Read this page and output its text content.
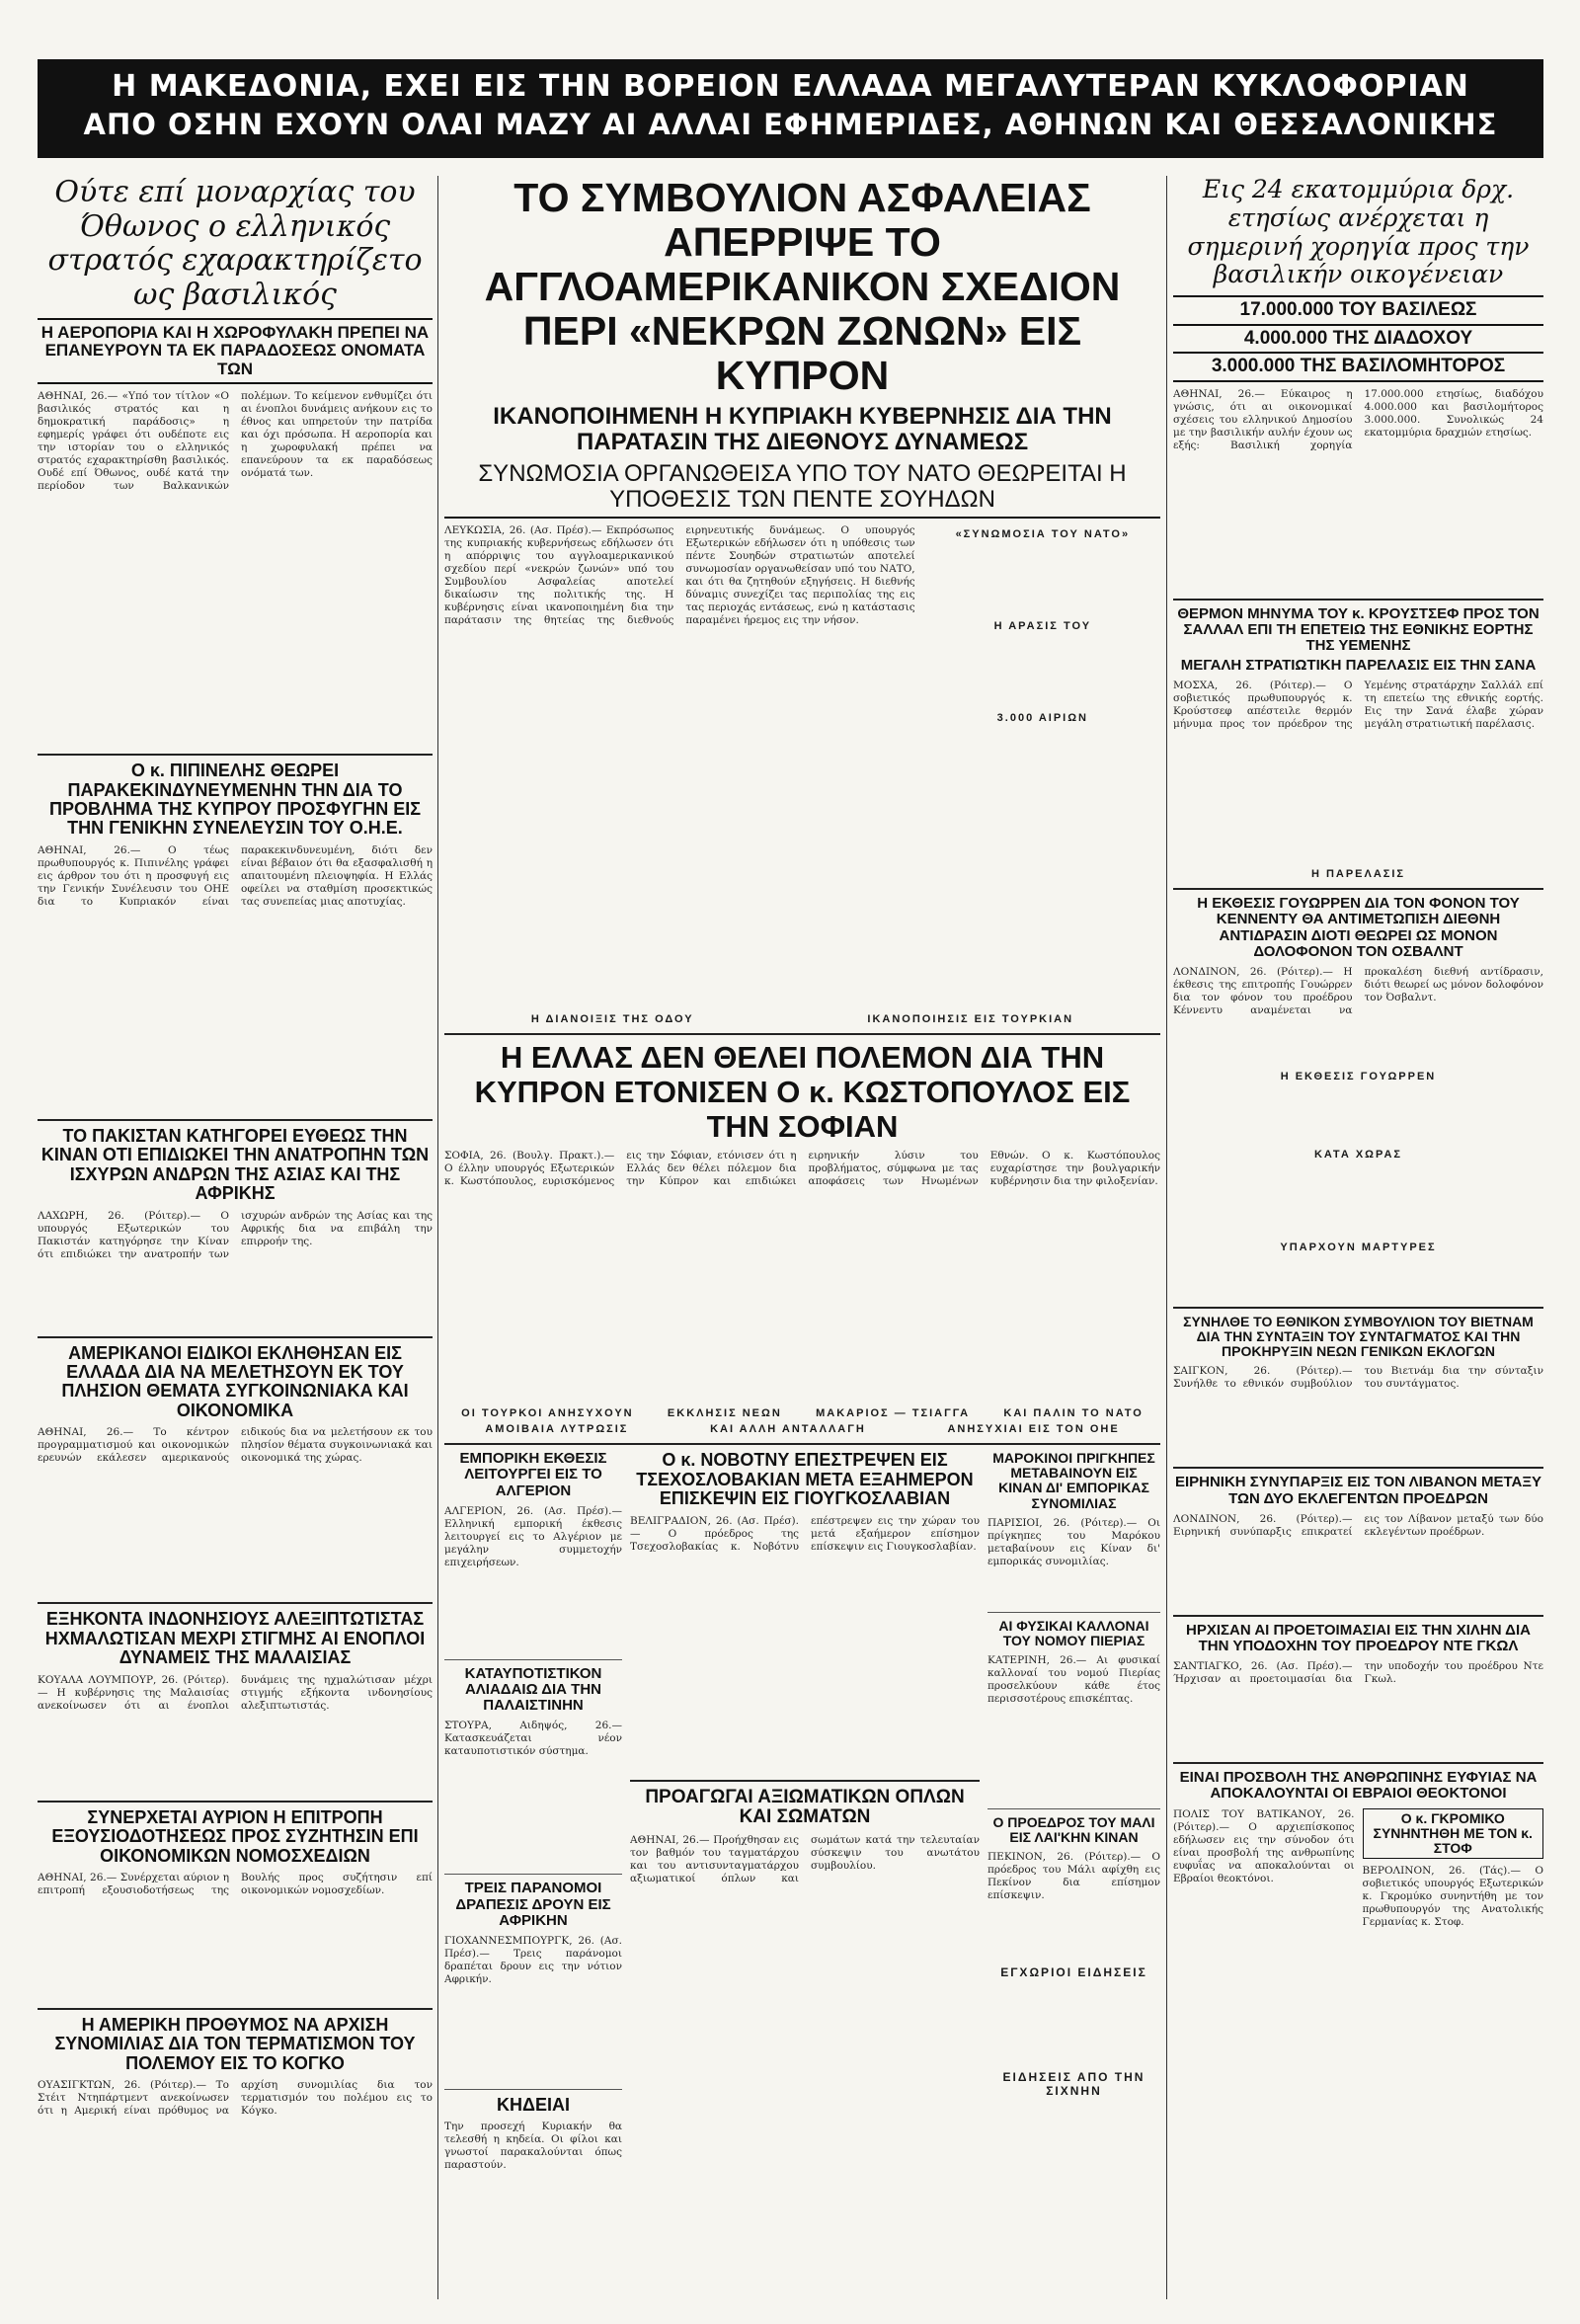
Η ΜΑΚΕΔΟΝΙΑ, ΕΧΕΙ ΕΙΣ ΤΗΝ ΒΟΡΕΙΟΝ ΕΛΛΑΔΑ ΜΕΓΑΛΥΤΕΡΑΝ ΚΥΚΛΟΦΟΡΙΑΝ
ΑΠΟ ΟΣΗΝ ΕΧΟΥΝ ΟΛΑΙ ΜΑΖΥ ΑΙ ΑΛΛΑΙ ΕΦΗΜΕΡΙΔΕΣ, ΑΘΗΝΩΝ ΚΑΙ ΘΕΣΣΑΛΟΝΙΚΗΣ
Ούτε επί μοναρχίας του Όθωνος ο ελληνικός στρατός εχαρακτηρίζετο ως βασιλικός
Η ΑΕΡΟΠΟΡΙΑ ΚΑΙ Η ΧΩΡΟΦΥΛΑΚΗ ΠΡΕΠΕΙ ΝΑ ΕΠΑΝΕΥΡΟΥΝ ΤΑ ΕΚ ΠΑΡΑΔΟΣΕΩΣ ΟΝΟΜΑΤΑ ΤΩΝ
ΑΘΗΝΑΙ, 26.— «Υπό τον τίτλον «Ο βασιλικός στρατός και η δημοκρατική παράδοσις» η εφημερίς γράφει ότι ουδέποτε εις την ιστορίαν του ο ελληνικός στρατός εχαρακτηρίσθη βασιλικός. Ουδέ επί Όθωνος, ουδέ κατά την περίοδον των Βαλκανικών πολέμων. Το κείμενον ενθυμίζει ότι αι ένοπλοι δυνάμεις ανήκουν εις το έθνος και υπηρετούν την πατρίδα και όχι πρόσωπα. Η αεροπορία και η χωροφυλακή πρέπει να επανεύρουν τα εκ παραδόσεως ονόματά των.
Ο κ. ΠΙΠΙΝΕΛΗΣ ΘΕΩΡΕΙ ΠΑΡΑΚΕΚΙΝΔΥΝΕΥΜΕΝΗΝ ΤΗΝ ΔΙΑ ΤΟ ΠΡΟΒΛΗΜΑ ΤΗΣ ΚΥΠΡΟΥ ΠΡΟΣΦΥΓΗΝ ΕΙΣ ΤΗΝ ΓΕΝΙΚΗΝ ΣΥΝΕΛΕΥΣΙΝ ΤΟΥ Ο.Η.Ε.
ΑΘΗΝΑΙ, 26.— Ο τέως πρωθυπουργός κ. Πιπινέλης γράφει εις άρθρον του ότι η προσφυγή εις την Γενικήν Συνέλευσιν του ΟΗΕ δια το Κυπριακόν είναι παρακεκινδυνευμένη, διότι δεν είναι βέβαιον ότι θα εξασφαλισθή η απαιτουμένη πλειοψηφία. Η Ελλάς οφείλει να σταθμίση προσεκτικώς τας συνεπείας μιας αποτυχίας.
ΤΟ ΠΑΚΙΣΤΑΝ ΚΑΤΗΓΟΡΕΙ ΕΥΘΕΩΣ ΤΗΝ ΚΙΝΑΝ ΟΤΙ ΕΠΙΔΙΩΚΕΙ ΤΗΝ ΑΝΑΤΡΟΠΗΝ ΤΩΝ ΙΣΧΥΡΩΝ ΑΝΔΡΩΝ ΤΗΣ ΑΣΙΑΣ ΚΑΙ ΤΗΣ ΑΦΡΙΚΗΣ
ΛΑΧΩΡΗ, 26. (Ρόιτερ).— Ο υπουργός Εξωτερικών του Πακιστάν κατηγόρησε την Κίναν ότι επιδιώκει την ανατροπήν των ισχυρών ανδρών της Ασίας και της Αφρικής δια να επιβάλη την επιρροήν της.
ΑΜΕΡΙΚΑΝΟΙ ΕΙΔΙΚΟΙ ΕΚΛΗΘΗΣΑΝ ΕΙΣ ΕΛΛΑΔΑ ΔΙΑ ΝΑ ΜΕΛΕΤΗΣΟΥΝ ΕΚ ΤΟΥ ΠΛΗΣΙΟΝ ΘΕΜΑΤΑ ΣΥΓΚΟΙΝΩΝΙΑΚΑ ΚΑΙ ΟΙΚΟΝΟΜΙΚΑ
ΑΘΗΝΑΙ, 26.— Το κέντρον προγραμματισμού και οικονομικών ερευνών εκάλεσεν αμερικανούς ειδικούς δια να μελετήσουν εκ του πλησίον θέματα συγκοινωνιακά και οικονομικά της χώρας.
ΕΞΗΚΟΝΤΑ ΙΝΔΟΝΗΣΙΟΥΣ ΑΛΕΞΙΠΤΩΤΙΣΤΑΣ ΗΧΜΑΛΩΤΙΣΑΝ ΜΕΧΡΙ ΣΤΙΓΜΗΣ ΑΙ ΕΝΟΠΛΟΙ ΔΥΝΑΜΕΙΣ ΤΗΣ ΜΑΛΑΙΣΙΑΣ
ΚΟΥΑΛΑ ΛΟΥΜΠΟΥΡ, 26. (Ρόιτερ).— Η κυβέρνησις της Μαλαισίας ανεκοίνωσεν ότι αι ένοπλοι δυνάμεις της ηχμαλώτισαν μέχρι στιγμής εξήκοντα ινδονησίους αλεξιπτωτιστάς.
ΣΥΝΕΡΧΕΤΑΙ ΑΥΡΙΟΝ Η ΕΠΙΤΡΟΠΗ ΕΞΟΥΣΙΟΔΟΤΗΣΕΩΣ ΠΡΟΣ ΣΥΖΗΤΗΣΙΝ ΕΠΙ ΟΙΚΟΝΟΜΙΚΩΝ ΝΟΜΟΣΧΕΔΙΩΝ
ΑΘΗΝΑΙ, 26.— Συνέρχεται αύριον η επιτροπή εξουσιοδοτήσεως της Βουλής προς συζήτησιν επί οικονομικών νομοσχεδίων.
Η ΑΜΕΡΙΚΗ ΠΡΟΘΥΜΟΣ ΝΑ ΑΡΧΙΣΗ ΣΥΝΟΜΙΛΙΑΣ ΔΙΑ ΤΟΝ ΤΕΡΜΑΤΙΣΜΟΝ ΤΟΥ ΠΟΛΕΜΟΥ ΕΙΣ ΤΟ ΚΟΓΚΟ
ΟΥΑΣΙΓΚΤΩΝ, 26. (Ρόιτερ).— Το Στέιτ Ντηπάρτμεντ ανεκοίνωσεν ότι η Αμερική είναι πρόθυμος να αρχίση συνομιλίας δια τον τερματισμόν του πολέμου εις το Κόγκο.
ΤΟ ΣΥΜΒΟΥΛΙΟΝ ΑΣΦΑΛΕΙΑΣ ΑΠΕΡΡΙΨΕ ΤΟ ΑΓΓΛΟΑΜΕΡΙΚΑΝΙΚΟΝ ΣΧΕΔΙΟΝ ΠΕΡΙ «ΝΕΚΡΩΝ ΖΩΝΩΝ» ΕΙΣ ΚΥΠΡΟΝ
ΙΚΑΝΟΠΟΙΗΜΕΝΗ Η ΚΥΠΡΙΑΚΗ ΚΥΒΕΡΝΗΣΙΣ ΔΙΑ ΤΗΝ ΠΑΡΑΤΑΣΙΝ ΤΗΣ ΔΙΕΘΝΟΥΣ ΔΥΝΑΜΕΩΣ
ΣΥΝΩΜΟΣΙΑ ΟΡΓΑΝΩΘΕΙΣΑ ΥΠΟ ΤΟΥ ΝΑΤΟ ΘΕΩΡΕΙΤΑΙ Η ΥΠΟΘΕΣΙΣ ΤΩΝ ΠΕΝΤΕ ΣΟΥΗΔΩΝ
ΛΕΥΚΩΣΙΑ, 26. (Ασ. Πρέσ).— Εκπρόσωπος της κυπριακής κυβερνήσεως εδήλωσεν ότι η απόρριψις του αγγλοαμερικανικού σχεδίου περί «νεκρών ζωνών» υπό του Συμβουλίου Ασφαλείας αποτελεί δικαίωσιν της πολιτικής της. Η κυβέρνησις είναι ικανοποιημένη δια την παράτασιν της θητείας της διεθνούς ειρηνευτικής δυνάμεως. Ο υπουργός Εξωτερικών εδήλωσεν ότι η υπόθεσις των πέντε Σουηδών στρατιωτών αποτελεί συνωμοσίαν οργανωθείσαν υπό του ΝΑΤΟ, και ότι θα ζητηθούν εξηγήσεις. Η διεθνής δύναμις συνεχίζει τας περιπολίας της εις τας περιοχάς εντάσεως, ενώ η κατάστασις παραμένει ήρεμος εις την νήσον.
«ΣΥΝΩΜΟΣΙΑ ΤΟΥ ΝΑΤΟ»
Η ΑΡΑΣΙΣ ΤΟΥ
3.000 ΑΙΡΙΩΝ
Η ΔΙΑΝΟΙΞΙΣ ΤΗΣ ΟΔΟΥ	ΙΚΑΝΟΠΟΙΗΣΙΣ ΕΙΣ ΤΟΥΡΚΙΑΝ
Η ΕΛΛΑΣ ΔΕΝ ΘΕΛΕΙ ΠΟΛΕΜΟΝ ΔΙΑ ΤΗΝ ΚΥΠΡΟΝ ΕΤΟΝΙΣΕΝ Ο κ. ΚΩΣΤΟΠΟΥΛΟΣ ΕΙΣ ΤΗΝ ΣΟΦΙΑΝ
ΣΟΦΙΑ, 26. (Βουλγ. Πρακτ.).— Ο έλλην υπουργός Εξωτερικών κ. Κωστόπουλος, ευρισκόμενος εις την Σόφιαν, ετόνισεν ότι η Ελλάς δεν θέλει πόλεμον δια την Κύπρον και επιδιώκει ειρηνικήν λύσιν του προβλήματος, σύμφωνα με τας αποφάσεις των Ηνωμένων Εθνών. Ο κ. Κωστόπουλος ευχαρίστησε την βουλγαρικήν κυβέρνησιν δια την φιλοξενίαν.
ΟΙ ΤΟΥΡΚΟΙ ΑΝΗΣΥΧΟΥΝ	ΕΚΚΛΗΣΙΣ ΝΕΩΝ	ΜΑΚΑΡΙΟΣ — ΤΣΙΑΓΓΑ	ΚΑΙ ΠΑΛΙΝ ΤΟ ΝΑΤΟ
ΑΜΟΙΒΑΙΑ ΛΥΤΡΩΣΙΣ	ΚΑΙ ΑΛΛΗ ΑΝΤΑΛΛΑΓΗ	ΑΝΗΣΥΧΙΑΙ ΕΙΣ ΤΟΝ ΟΗΕ
ΕΜΠΟΡΙΚΗ ΕΚΘΕΣΙΣ ΛΕΙΤΟΥΡΓΕΙ ΕΙΣ ΤΟ ΑΛΓΕΡΙΟΝ
ΑΛΓΕΡΙΟΝ, 26. (Ασ. Πρέσ).— Ελληνική εμπορική έκθεσις λειτουργεί εις το Αλγέριον με μεγάλην συμμετοχήν επιχειρήσεων.
ΚΑΤΑΥΠΟΤΙΣΤΙΚΟΝ ΑΛΙΑΔΑΙΩ ΔΙΑ ΤΗΝ ΠΑΛΑΙΣΤΙΝΗΝ
ΣΤΟΥΡΑ, Αιδηψός, 26.— Κατασκευάζεται νέον καταυποτιστικόν σύστημα.
ΤΡΕΙΣ ΠΑΡΑΝΟΜΟΙ ΔΡΑΠΕΣΙΣ ΔΡΟΥΝ ΕΙΣ ΑΦΡΙΚΗΝ
ΓΙΟΧΑΝΝΕΣΜΠΟΥΡΓΚ, 26. (Ασ. Πρέσ).— Τρεις παράνομοι δραπέται δρουν εις την νότιον Αφρικήν.
ΚΗΔΕΙΑΙ
Την προσεχή Κυριακήν θα τελεσθή η κηδεία. Οι φίλοι και γνωστοί παρακαλούνται όπως παραστούν.
Ο κ. ΝΟΒΟΤΝΥ ΕΠΕΣΤΡΕΨΕΝ ΕΙΣ ΤΣΕΧΟΣΛΟΒΑΚΙΑΝ ΜΕΤΑ ΕΞΑΗΜΕΡΟΝ ΕΠΙΣΚΕΨΙΝ ΕΙΣ ΓΙΟΥΓΚΟΣΛΑΒΙΑΝ
ΒΕΛΙΓΡΑΔΙΟΝ, 26. (Ασ. Πρέσ).— Ο πρόεδρος της Τσεχοσλοβακίας κ. Νοβότνυ επέστρεψεν εις την χώραν του μετά εξαήμερον επίσημον επίσκεψιν εις Γιουγκοσλαβίαν.
ΠΡΟΑΓΩΓΑΙ ΑΞΙΩΜΑΤΙΚΩΝ ΟΠΛΩΝ ΚΑΙ ΣΩΜΑΤΩΝ
ΑΘΗΝΑΙ, 26.— Προήχθησαν εις τον βαθμόν του ταγματάρχου και του αντισυνταγματάρχου αξιωματικοί όπλων και σωμάτων κατά την τελευταίαν σύσκεψιν του ανωτάτου συμβουλίου.
ΜΑΡΟΚΙΝΟΙ ΠΡΙΓΚΗΠΕΣ ΜΕΤΑΒΑΙΝΟΥΝ ΕΙΣ ΚΙΝΑΝ ΔΙ' ΕΜΠΟΡΙΚΑΣ ΣΥΝΟΜΙΛΙΑΣ
ΠΑΡΙΣΙΟΙ, 26. (Ρόιτερ).— Οι πρίγκηπες του Μαρόκου μεταβαίνουν εις Κίναν δι' εμπορικάς συνομιλίας.
ΑΙ ΦΥΣΙΚΑΙ ΚΑΛΛΟΝΑΙ ΤΟΥ ΝΟΜΟΥ ΠΙΕΡΙΑΣ
ΚΑΤΕΡΙΝΗ, 26.— Αι φυσικαί καλλοναί του νομού Πιερίας προσελκύουν κάθε έτος περισσοτέρους επισκέπτας.
Ο ΠΡΟΕΔΡΟΣ ΤΟΥ ΜΑΛΙ ΕΙΣ ΛΑΙ'ΚΗΝ ΚΙΝΑΝ
ΠΕΚΙΝΟΝ, 26. (Ρόιτερ).— Ο πρόεδρος του Μάλι αφίχθη εις Πεκίνον δια επίσημον επίσκεψιν.
ΕΓΧΩΡΙΟΙ ΕΙΔΗΣΕΙΣ
ΕΙΔΗΣΕΙΣ ΑΠΟ ΤΗΝ ΣΙΧΝΗΝ
Εις 24 εκατομμύρια δρχ. ετησίως ανέρχεται η σημερινή χορηγία προς την βασιλικήν οικογένειαν
17.000.000 ΤΟΥ ΒΑΣΙΛΕΩΣ
4.000.000 ΤΗΣ ΔΙΑΔΟΧΟΥ
3.000.000 ΤΗΣ ΒΑΣΙΛΟΜΗΤΟΡΟΣ
ΑΘΗΝΑΙ, 26.— Εύκαιρος η γνώσις, ότι αι οικονομικαί σχέσεις του ελληνικού Δημοσίου με την βασιλικήν αυλήν έχουν ως εξής: Βασιλική χορηγία 17.000.000 ετησίως, διαδόχου 4.000.000 και βασιλομήτορος 3.000.000. Συνολικώς 24 εκατομμύρια δραχμών ετησίως.
ΘΕΡΜΟΝ ΜΗΝΥΜΑ ΤΟΥ κ. ΚΡΟΥΣΤΣΕΦ ΠΡΟΣ ΤΟΝ ΣΑΛΛΑΛ ΕΠΙ ΤΗ ΕΠΕΤΕΙΩ ΤΗΣ ΕΘΝΙΚΗΣ ΕΟΡΤΗΣ ΤΗΣ ΥΕΜΕΝΗΣ
ΜΕΓΑΛΗ ΣΤΡΑΤΙΩΤΙΚΗ ΠΑΡΕΛΑΣΙΣ ΕΙΣ ΤΗΝ ΣΑΝΑ
ΜΟΣΧΑ, 26. (Ρόιτερ).— Ο σοβιετικός πρωθυπουργός κ. Κρούστσεφ απέστειλε θερμόν μήνυμα προς τον πρόεδρον της Υεμένης στρατάρχην Σαλλάλ επί τη επετείω της εθνικής εορτής. Εις την Σανά έλαβε χώραν μεγάλη στρατιωτική παρέλασις.
Η ΠΑΡΕΛΑΣΙΣ
Η ΕΚΘΕΣΙΣ ΓΟΥΩΡΡΕΝ ΔΙΑ ΤΟΝ ΦΟΝΟΝ ΤΟΥ ΚΕΝΝΕΝΤΥ ΘΑ ΑΝΤΙΜΕΤΩΠΙΣΗ ΔΙΕΘΝΗ ΑΝΤΙΔΡΑΣΙΝ ΔΙΟΤΙ ΘΕΩΡΕΙ ΩΣ ΜΟΝΟΝ ΔΟΛΟΦΟΝΟΝ ΤΟΝ ΟΣΒΑΛΝΤ
ΛΟΝΔΙΝΟΝ, 26. (Ρόιτερ).— Η έκθεσις της επιτροπής Γουώρρεν δια τον φόνον του προέδρου Κέννεντυ αναμένεται να προκαλέση διεθνή αντίδρασιν, διότι θεωρεί ως μόνον δολοφόνον τον Όσβαλντ.
Η ΕΚΘΕΣΙΣ ΓΟΥΩΡΡΕΝ
ΚΑΤΑ ΧΩΡΑΣ
ΥΠΑΡΧΟΥΝ ΜΑΡΤΥΡΕΣ
ΣΥΝΗΛΘΕ ΤΟ ΕΘΝΙΚΟΝ ΣΥΜΒΟΥΛΙΟΝ ΤΟΥ ΒΙΕΤΝΑΜ ΔΙΑ ΤΗΝ ΣΥΝΤΑΞΙΝ ΤΟΥ ΣΥΝΤΑΓΜΑΤΟΣ ΚΑΙ ΤΗΝ ΠΡΟΚΗΡΥΞΙΝ ΝΕΩΝ ΓΕΝΙΚΩΝ ΕΚΛΟΓΩΝ
ΣΑΙΓΚΟΝ, 26. (Ρόιτερ).— Συνήλθε το εθνικόν συμβούλιον του Βιετνάμ δια την σύνταξιν του συντάγματος.
ΕΙΡΗΝΙΚΗ ΣΥΝΥΠΑΡΞΙΣ ΕΙΣ ΤΟΝ ΛΙΒΑΝΟΝ ΜΕΤΑΞΥ ΤΩΝ ΔΥΟ ΕΚΛΕΓΕΝΤΩΝ ΠΡΟΕΔΡΩΝ
ΛΟΝΔΙΝΟΝ, 26. (Ρόιτερ).— Ειρηνική συνύπαρξις επικρατεί εις τον Λίβανον μεταξύ των δύο εκλεγέντων προέδρων.
ΗΡΧΙΣΑΝ ΑΙ ΠΡΟΕΤΟΙΜΑΣΙΑΙ ΕΙΣ ΤΗΝ ΧΙΛΗΝ ΔΙΑ ΤΗΝ ΥΠΟΔΟΧΗΝ ΤΟΥ ΠΡΟΕΔΡΟΥ ΝΤΕ ΓΚΩΛ
ΣΑΝΤΙΑΓΚΟ, 26. (Ασ. Πρέσ).— Ήρχισαν αι προετοιμασίαι δια την υποδοχήν του προέδρου Ντε Γκωλ.
ΕΙΝΑΙ ΠΡΟΣΒΟΛΗ ΤΗΣ ΑΝΘΡΩΠΙΝΗΣ ΕΥΦΥΙΑΣ ΝΑ ΑΠΟΚΑΛΟΥΝΤΑΙ ΟΙ ΕΒΡΑΙΟΙ ΘΕΟΚΤΟΝΟΙ
ΠΟΛΙΣ ΤΟΥ ΒΑΤΙΚΑΝΟΥ, 26. (Ρόιτερ).— Ο αρχιεπίσκοπος εδήλωσεν εις την σύνοδον ότι είναι προσβολή της ανθρωπίνης ευφυΐας να αποκαλούνται οι Εβραίοι θεοκτόνοι.
Ο κ. ΓΚΡΟΜΙΚΟ ΣΥΝΗΝΤΗΘΗ ΜΕ ΤΟΝ κ. ΣΤΟΦ
ΒΕΡΟΛΙΝΟΝ, 26. (Τάς).— Ο σοβιετικός υπουργός Εξωτερικών κ. Γκρομύκο συνηντήθη με τον πρωθυπουργόν της Ανατολικής Γερμανίας κ. Στοφ.
